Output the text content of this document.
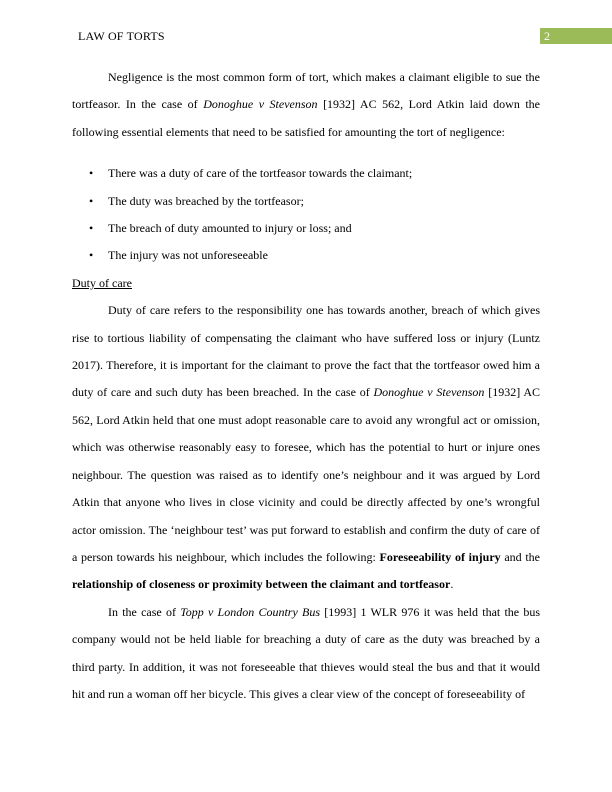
LAW OF TORTS	2

Negligence is the most common form of tort, which makes a claimant eligible to sue the tortfeasor. In the case of Donoghue v Stevenson [1932] AC 562, Lord Atkin laid down the following essential elements that need to be satisfied for amounting the tort of negligence:

• There was a duty of care of the tortfeasor towards the claimant;
• The duty was breached by the tortfeasor;
• The breach of duty amounted to injury or loss; and
• The injury was not unforeseeable
Duty of care

Duty of care refers to the responsibility one has towards another, breach of which gives rise to tortious liability of compensating the claimant who have suffered loss or injury (Luntz 2017). Therefore, it is important for the claimant to prove the fact that the tortfeasor owed him a duty of care and such duty has been breached. In the case of Donoghue v Stevenson [1932] AC 562, Lord Atkin held that one must adopt reasonable care to avoid any wrongful act or omission, which was otherwise reasonably easy to foresee, which has the potential to hurt or injure ones neighbour. The question was raised as to identify one’s neighbour and it was argued by Lord Atkin that anyone who lives in close vicinity and could be directly affected by one’s wrongful actor omission. The ‘neighbour test’ was put forward to establish and confirm the duty of care of a person towards his neighbour, which includes the following: Foreseeability of injury and the relationship of closeness or proximity between the claimant and tortfeasor.

In the case of Topp v London Country Bus [1993] 1 WLR 976 it was held that the bus company would not be held liable for breaching a duty of care as the duty was breached by a third party. In addition, it was not foreseeable that thieves would steal the bus and that it would hit and run a woman off her bicycle. This gives a clear view of the concept of foreseeability of
